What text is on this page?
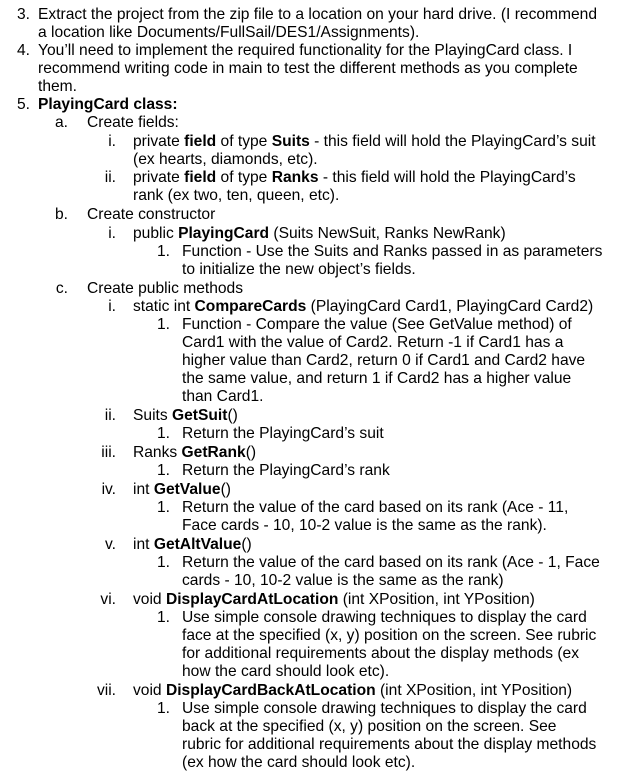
3. Extract the project from the zip file to a location on your hard drive. (I recommend
a location like Documents/FullSail/DES1/Assignments).
4. You’ll need to implement the required functionality for the PlayingCard class. I
recommend writing code in main to test the different methods as you complete
them.
5. PlayingCard class:
a. Create fields:
i. private field of type Suits - this field will hold the PlayingCard’s suit
(ex hearts, diamonds, etc).
ii. private field of type Ranks - this field will hold the PlayingCard’s
rank (ex two, ten, queen, etc).
b. Create constructor
i. public PlayingCard (Suits NewSuit, Ranks NewRank)
1. Function - Use the Suits and Ranks passed in as parameters
to initialize the new object’s fields.
c. Create public methods
i. static int CompareCards (PlayingCard Card1, PlayingCard Card2)
1. Function - Compare the value (See GetValue method) of
Card1 with the value of Card2. Return -1 if Card1 has a
higher value than Card2, return 0 if Card1 and Card2 have
the same value, and return 1 if Card2 has a higher value
than Card1.
ii. Suits GetSuit()
1. Return the PlayingCard’s suit
iii. Ranks GetRank()
1. Return the PlayingCard’s rank
iv. int GetValue()
1. Return the value of the card based on its rank (Ace - 11,
Face cards - 10, 10-2 value is the same as the rank).
v. int GetAltValue()
1. Return the value of the card based on its rank (Ace - 1, Face
cards - 10, 10-2 value is the same as the rank)
vi. void DisplayCardAtLocation (int XPosition, int YPosition)
1. Use simple console drawing techniques to display the card
face at the specified (x, y) position on the screen. See rubric
for additional requirements about the display methods (ex
how the card should look etc).
vii. void DisplayCardBackAtLocation (int XPosition, int YPosition)
1. Use simple console drawing techniques to display the card
back at the specified (x, y) position on the screen. See
rubric for additional requirements about the display methods
(ex how the card should look etc).
